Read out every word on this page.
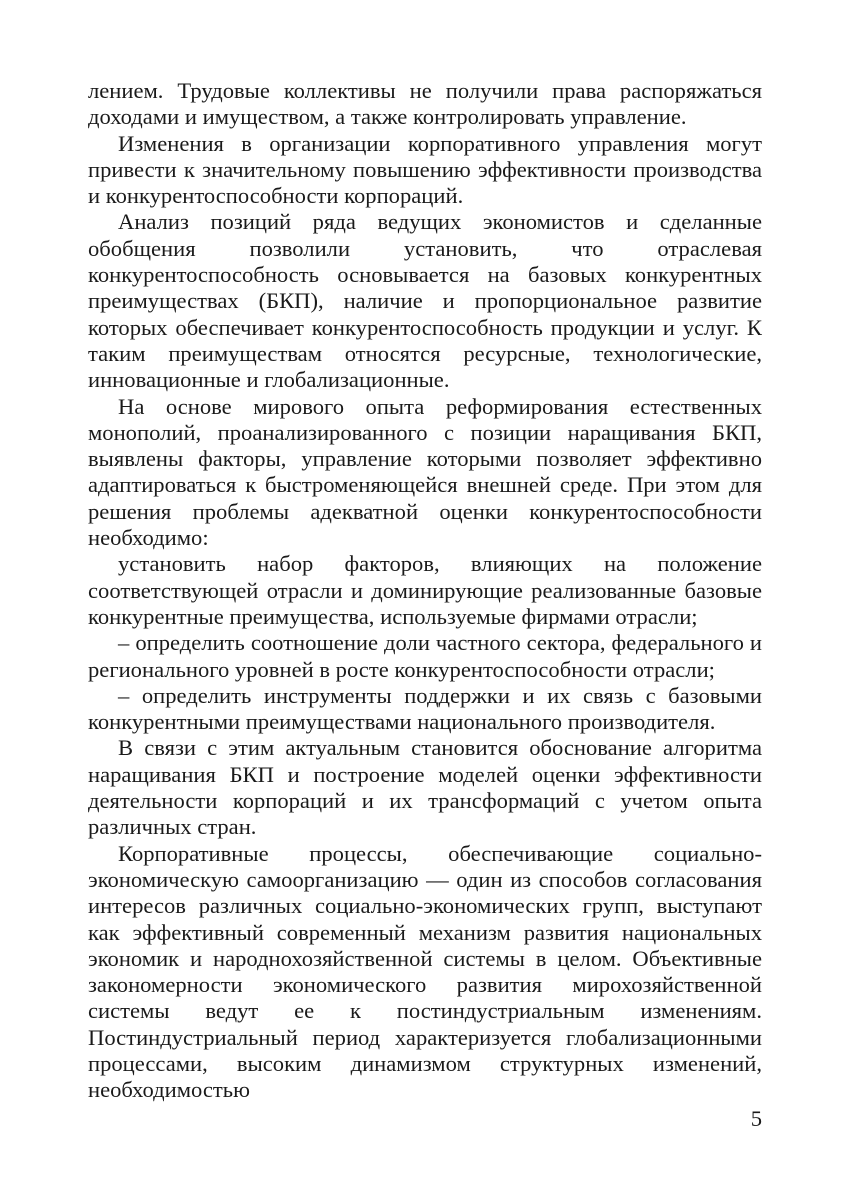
лением. Трудовые коллективы не получили права распоряжаться доходами и имуществом, а также контролировать управление.

Изменения в организации корпоративного управления могут привести к значительному повышению эффективности производства и конкурентоспособности корпораций.

Анализ позиций ряда ведущих экономистов и сделанные обобщения позволили установить, что отраслевая конкурентоспособность основывается на базовых конкурентных преимуществах (БКП), наличие и пропорциональное развитие которых обеспечивает конкурентоспособность продукции и услуг. К таким преимуществам относятся ресурсные, технологические, инновационные и глобализационные.

На основе мирового опыта реформирования естественных монополий, проанализированного с позиции наращивания БКП, выявлены факторы, управление которыми позволяет эффективно адаптироваться к быстроменяющейся внешней среде. При этом для решения проблемы адекватной оценки конкурентоспособности необходимо:

установить набор факторов, влияющих на положение соответствующей отрасли и доминирующие реализованные базовые конкурентные преимущества, используемые фирмами отрасли;

– определить соотношение доли частного сектора, федерального и регионального уровней в росте конкурентоспособности отрасли;

– определить инструменты поддержки и их связь с базовыми конкурентными преимуществами национального производителя.

В связи с этим актуальным становится обоснование алгоритма наращивания БКП и построение моделей оценки эффективности деятельности корпораций и их трансформаций с учетом опыта различных стран.

Корпоративные процессы, обеспечивающие социально-экономическую самоорганизацию — один из способов согласования интересов различных социально-экономических групп, выступают как эффективный современный механизм развития национальных экономик и народнохозяйственной системы в целом. Объективные закономерности экономического развития мирохозяйственной системы ведут ее к постиндустриальным изменениям. Постиндустриальный период характеризуется глобализационными процессами, высоким динамизмом структурных изменений, необходимостью

5
